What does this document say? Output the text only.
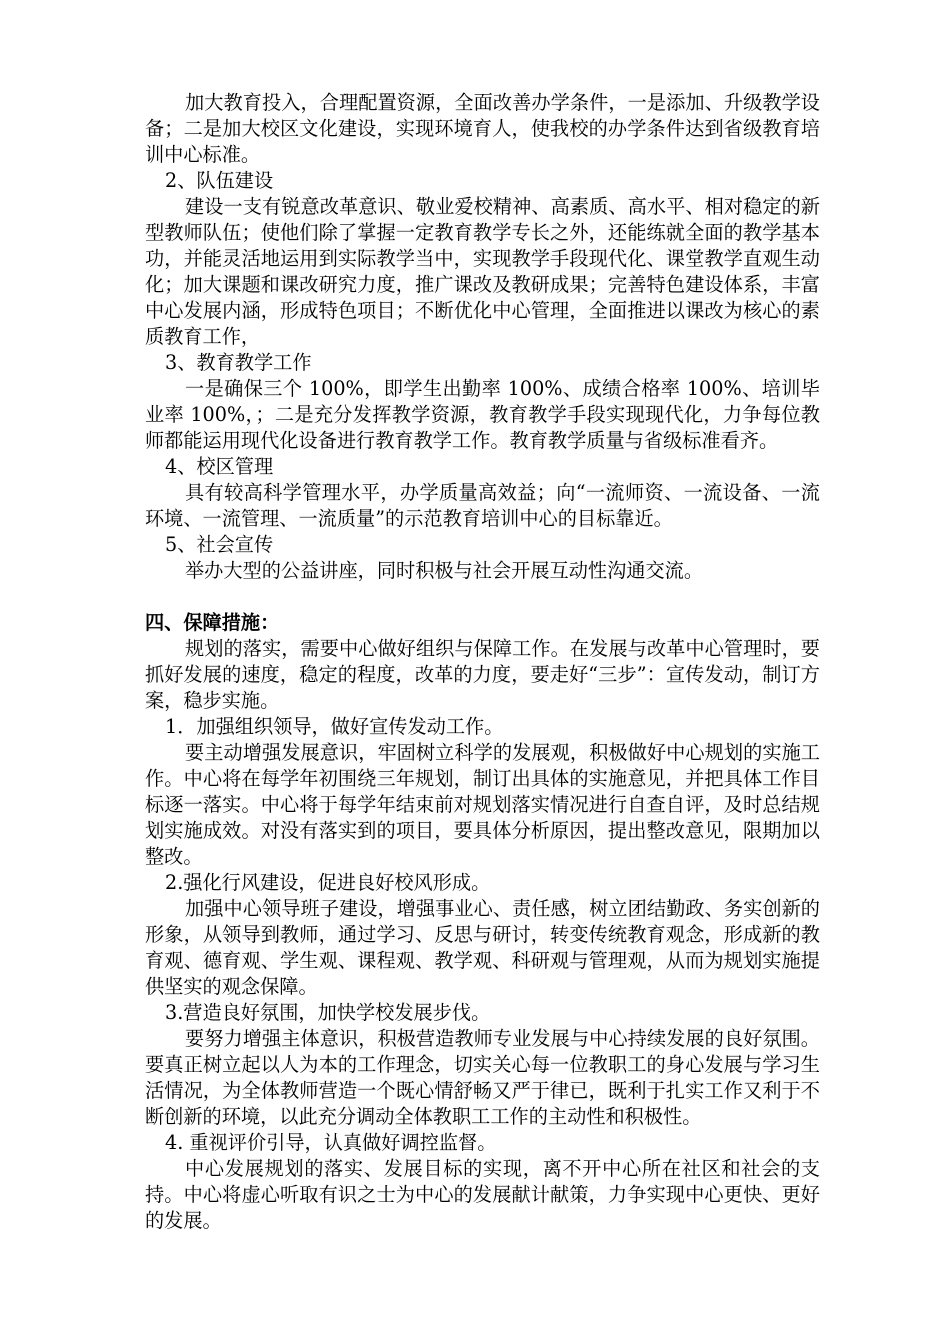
加大教育投入，合理配置资源，全面改善办学条件，一是添加、升级教学设备；二是加大校区文化建设，实现环境育人，使我校的办学条件达到省级教育培训中心标准。

2、队伍建设

建设一支有锐意改革意识、敬业爱校精神、高素质、高水平、相对稳定的新型教师队伍；使他们除了掌握一定教育教学专长之外，还能练就全面的教学基本功，并能灵活地运用到实际教学当中，实现教学手段现代化、课堂教学直观生动化；加大课题和课改研究力度，推广课改及教研成果；完善特色建设体系，丰富中心发展内涵，形成特色项目；不断优化中心管理，全面推进以课改为核心的素质教育工作，

3、教育教学工作

一是确保三个 100%，即学生出勤率 100%、成绩合格率 100%、培训毕业率 100%，；二是充分发挥教学资源，教育教学手段实现现代化，力争每位教师都能运用现代化设备进行教育教学工作。教育教学质量与省级标准看齐。

4、校区管理

具有较高科学管理水平，办学质量高效益；向“一流师资、一流设备、一流环境、一流管理、一流质量”的示范教育培训中心的目标靠近。

5、社会宣传

举办大型的公益讲座，同时积极与社会开展互动性沟通交流。

四、保障措施：

规划的落实，需要中心做好组织与保障工作。在发展与改革中心管理时，要抓好发展的速度，稳定的程度，改革的力度，要走好“三步”：宣传发动，制订方案，稳步实施。

1．加强组织领导，做好宣传发动工作。

要主动增强发展意识，牢固树立科学的发展观，积极做好中心规划的实施工作。中心将在每学年初围绕三年规划，制订出具体的实施意见，并把具体工作目标逐一落实。中心将于每学年结束前对规划落实情况进行自查自评，及时总结规划实施成效。对没有落实到的项目，要具体分析原因，提出整改意见，限期加以整改。

2.强化行风建设，促进良好校风形成。

加强中心领导班子建设，增强事业心、责任感，树立团结勤政、务实创新的形象，从领导到教师，通过学习、反思与研讨，转变传统教育观念，形成新的教育观、德育观、学生观、课程观、教学观、科研观与管理观，从而为规划实施提供坚实的观念保障。

3.营造良好氛围，加快学校发展步伐。

要努力增强主体意识，积极营造教师专业发展与中心持续发展的良好氛围。要真正树立起以人为本的工作理念，切实关心每一位教职工的身心发展与学习生活情况，为全体教师营造一个既心情舒畅又严于律已，既利于扎实工作又利于不断创新的环境，以此充分调动全体教职工工作的主动性和积极性。

4. 重视评价引导，认真做好调控监督。

中心发展规划的落实、发展目标的实现，离不开中心所在社区和社会的支持。中心将虚心听取有识之士为中心的发展献计献策，力争实现中心更快、更好的发展。
